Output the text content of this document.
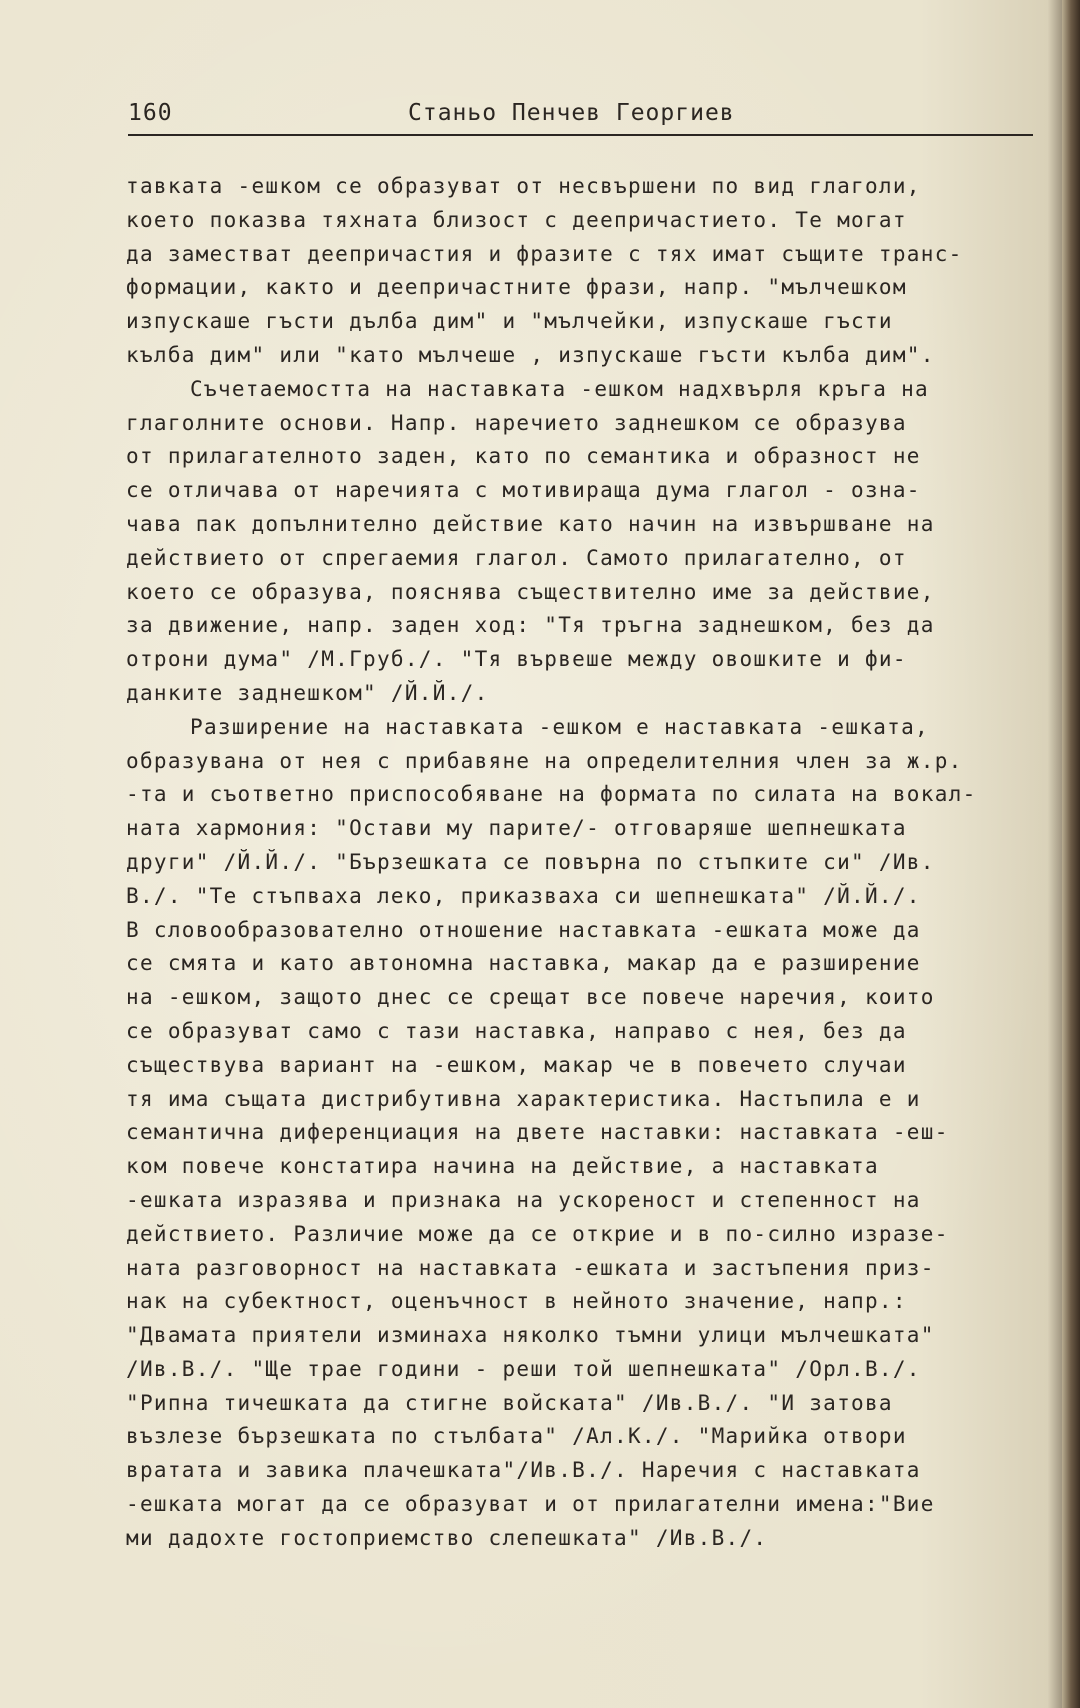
160	Станьо Пенчев Георгиев
тавката -ешком се образуват от несвършени по вид глаголи,
което показва тяхната близост с деепричастието. Те могат
да заместват деепричастия и фразите с тях имат същите транс-
формации, както и деепричастните фрази, напр. "мълчешком
изпускаше гъсти дълба дим" и "мълчейки, изпускаше гъсти
кълба дим" или "като мълчеше , изпускаше гъсти кълба дим".
Съчетаемостта на наставката -ешком надхвърля кръга на
глаголните основи. Напр. наречието заднешком се образува
от прилагателното заден, като по семантика и образност не
се отличава от наречията с мотивираща дума глагол - озна-
чава пак допълнително действие като начин на извършване на
действието от спрегаемия глагол. Самото прилагателно, от
което се образува, пояснява съществително име за действие,
за движение, напр. заден ход: "Тя тръгна заднешком, без да
отрони дума" /М.Груб./. "Тя вървеше между овошките и фи-
данките заднешком" /Й.Й./.
Разширение на наставката -ешком е наставката -ешката,
образувана от нея с прибавяне на определителния член за ж.р.
-та и съответно приспособяване на формата по силата на вокал-
ната хармония: "Остави му парите/- отговаряше шепнешката
други" /Й.Й./. "Бързешката се повърна по стъпките си" /Ив.
В./. "Те стъпваха леко, приказваха си шепнешката" /Й.Й./.
В словообразователно отношение наставката -ешката може да
се смята и като автономна наставка, макар да е разширение
на -ешком, защото днес се срещат все повече наречия, които
се образуват само с тази наставка, направо с нея, без да
съществува вариант на -ешком, макар че в повечето случаи
тя има същата дистрибутивна характеристика. Настъпила е и
семантична диференциация на двете наставки: наставката -еш-
ком повече констатира начина на действие, а наставката
-ешката изразява и признака на ускореност и степенност на
действието. Различие може да се открие и в по-силно изразе-
ната разговорност на наставката -ешката и застъпения приз-
нак на субектност, оценъчност в нейното значение, напр.:
"Двамата приятели изминаха няколко тъмни улици мълчешката"
/Ив.В./. "Ще трае години - реши той шепнешката" /Орл.В./.
"Рипна тичешката да стигне войската" /Ив.В./. "И затова
възлезе бързешката по стълбата" /Ал.К./. "Марийка отвори
вратата и завика плачешката"/Ив.В./. Наречия с наставката
-ешката могат да се образуват и от прилагателни имена:"Вие
ми дадохте гостоприемство слепешката" /Ив.В./.
